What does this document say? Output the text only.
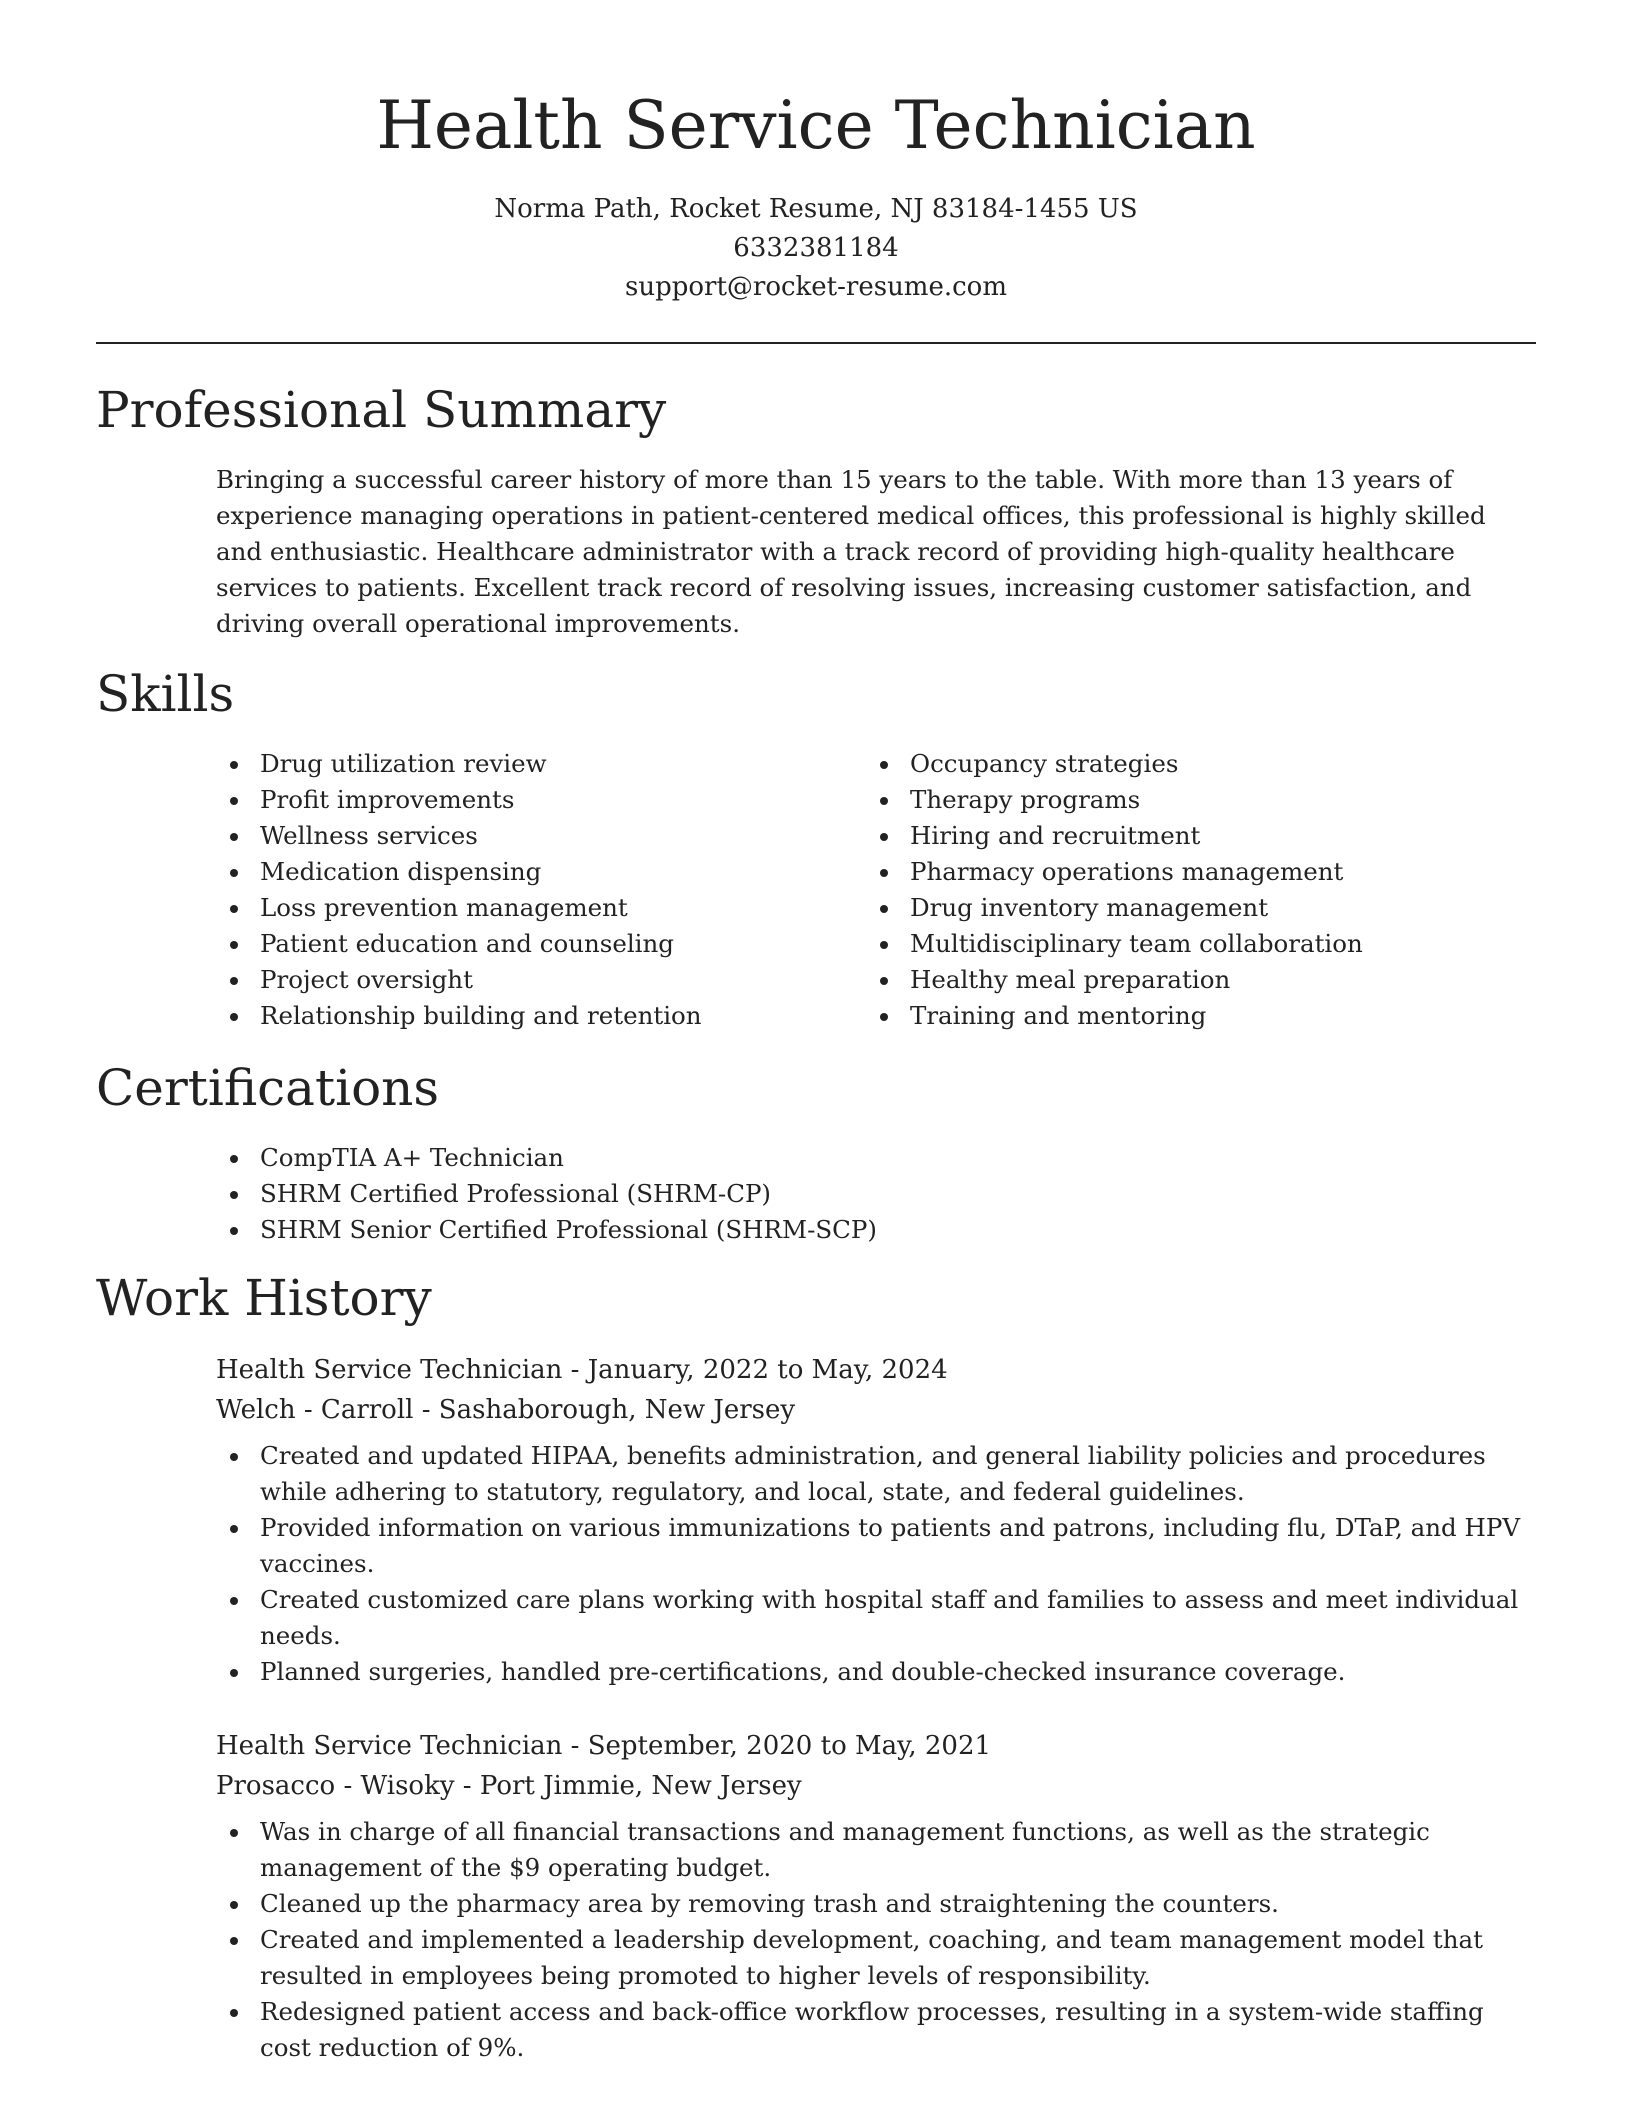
Health Service Technician
Norma Path, Rocket Resume, NJ 83184-1455 US
6332381184
support@rocket-resume.com
Professional Summary

Bringing a successful career history of more than 15 years to the table. With more than 13 years of experience managing operations in patient-centered medical offices, this professional is highly skilled and enthusiastic. Healthcare administrator with a track record of providing high-quality healthcare services to patients. Excellent track record of resolving issues, increasing customer satisfaction, and driving overall operational improvements.

Skills
Drug utilization review
Profit improvements
Wellness services
Medication dispensing
Loss prevention management
Patient education and counseling
Project oversight
Relationship building and retention
Occupancy strategies
Therapy programs
Hiring and recruitment
Pharmacy operations management
Drug inventory management
Multidisciplinary team collaboration
Healthy meal preparation
Training and mentoring
Certifications
CompTIA A+ Technician
SHRM Certified Professional (SHRM-CP)
SHRM Senior Certified Professional (SHRM-SCP)
Work History
Health Service Technician - January, 2022 to May, 2024
Welch - Carroll - Sashaborough, New Jersey
Created and updated HIPAA, benefits administration, and general liability policies and procedures while adhering to statutory, regulatory, and local, state, and federal guidelines.
Provided information on various immunizations to patients and patrons, including flu, DTaP, and HPV vaccines.
Created customized care plans working with hospital staff and families to assess and meet individual needs.
Planned surgeries, handled pre-certifications, and double-checked insurance coverage.
Health Service Technician - September, 2020 to May, 2021
Prosacco - Wisoky - Port Jimmie, New Jersey
Was in charge of all financial transactions and management functions, as well as the strategic management of the $9 operating budget.
Cleaned up the pharmacy area by removing trash and straightening the counters.
Created and implemented a leadership development, coaching, and team management model that resulted in employees being promoted to higher levels of responsibility.
Redesigned patient access and back-office workflow processes, resulting in a system-wide staffing cost reduction of 9%.
